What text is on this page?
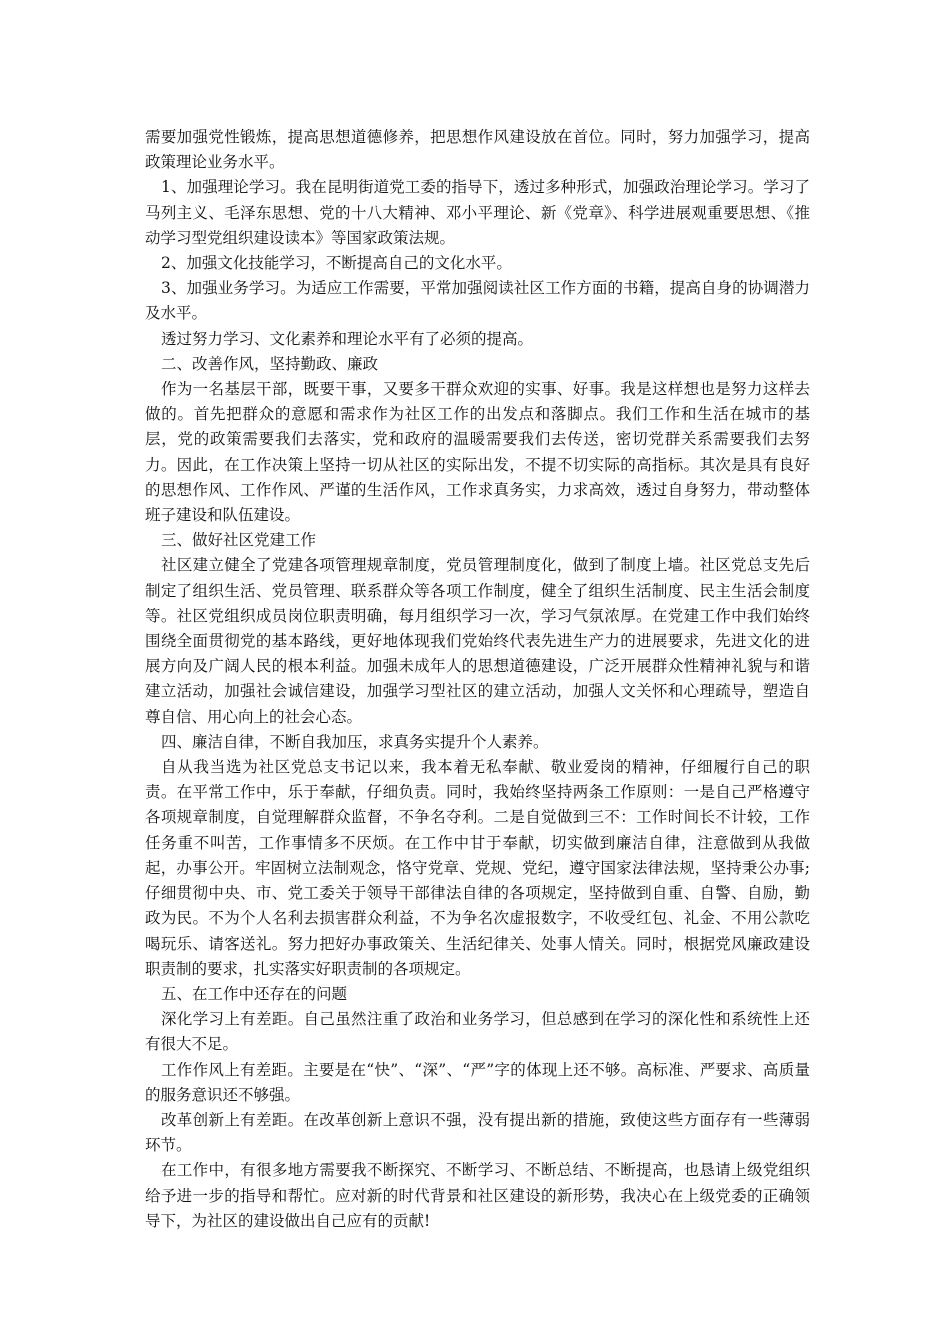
需要加强党性锻炼，提高思想道德修养，把思想作风建设放在首位。同时，努力加强学习，提高政策理论业务水平。

1、加强理论学习。我在昆明街道党工委的指导下，透过多种形式，加强政治理论学习。学习了马列主义、毛泽东思想、党的十八大精神、邓小平理论、新《党章》、科学进展观重要思想、《推动学习型党组织建设读本》等国家政策法规。

2、加强文化技能学习，不断提高自己的文化水平。

3、加强业务学习。为适应工作需要，平常加强阅读社区工作方面的书籍，提高自身的协调潜力及水平。

透过努力学习、文化素养和理论水平有了必须的提高。

二、改善作风，坚持勤政、廉政

作为一名基层干部，既要干事，又要多干群众欢迎的实事、好事。我是这样想也是努力这样去做的。首先把群众的意愿和需求作为社区工作的出发点和落脚点。我们工作和生活在城市的基层，党的政策需要我们去落实，党和政府的温暖需要我们去传送，密切党群关系需要我们去努力。因此，在工作决策上坚持一切从社区的实际出发，不提不切实际的高指标。其次是具有良好的思想作风、工作作风、严谨的生活作风，工作求真务实，力求高效，透过自身努力，带动整体班子建设和队伍建设。

三、做好社区党建工作

社区建立健全了党建各项管理规章制度，党员管理制度化，做到了制度上墙。社区党总支先后制定了组织生活、党员管理、联系群众等各项工作制度，健全了组织生活制度、民主生活会制度等。社区党组织成员岗位职责明确，每月组织学习一次，学习气氛浓厚。在党建工作中我们始终围绕全面贯彻党的基本路线，更好地体现我们党始终代表先进生产力的进展要求，先进文化的进展方向及广阔人民的根本利益。加强未成年人的思想道德建设，广泛开展群众性精神礼貌与和谐建立活动，加强社会诚信建设，加强学习型社区的建立活动，加强人文关怀和心理疏导，塑造自尊自信、用心向上的社会心态。

四、廉洁自律，不断自我加压，求真务实提升个人素养。

自从我当选为社区党总支书记以来，我本着无私奉献、敬业爱岗的精神，仔细履行自己的职责。在平常工作中，乐于奉献，仔细负责。同时，我始终坚持两条工作原则：一是自己严格遵守各项规章制度，自觉理解群众监督，不争名夺利。二是自觉做到三不：工作时间长不计较，工作任务重不叫苦，工作事情多不厌烦。在工作中甘于奉献，切实做到廉洁自律，注意做到从我做起，办事公开。牢固树立法制观念，恪守党章、党规、党纪，遵守国家法律法规，坚持秉公办事;仔细贯彻中央、市、党工委关于领导干部律法自律的各项规定，坚持做到自重、自警、自励，勤政为民。不为个人名利去损害群众利益，不为争名次虚报数字，不收受红包、礼金、不用公款吃喝玩乐、请客送礼。努力把好办事政策关、生活纪律关、处事人情关。同时，根据党风廉政建设职责制的要求，扎实落实好职责制的各项规定。

五、在工作中还存在的问题

深化学习上有差距。自己虽然注重了政治和业务学习，但总感到在学习的深化性和系统性上还有很大不足。

工作作风上有差距。主要是在“快”、“深”、“严”字的体现上还不够。高标准、严要求、高质量的服务意识还不够强。

改革创新上有差距。在改革创新上意识不强，没有提出新的措施，致使这些方面存有一些薄弱环节。

在工作中，有很多地方需要我不断探究、不断学习、不断总结、不断提高，也恳请上级党组织给予进一步的指导和帮忙。应对新的时代背景和社区建设的新形势，我决心在上级党委的正确领导下，为社区的建设做出自己应有的贡献!
